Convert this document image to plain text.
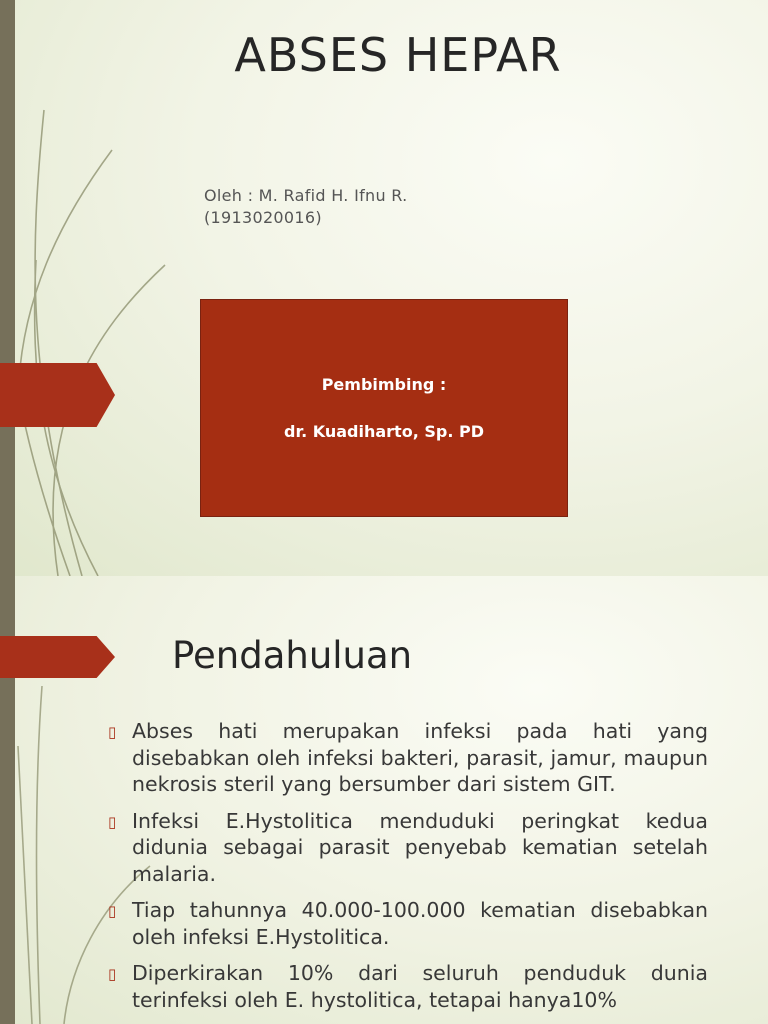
ABSES HEPAR
Oleh : M. Rafid H. Ifnu R.
(1913020016)
Pembimbing :
dr. Kuadiharto, Sp. PD
Pendahuluan
▯ Abses hati merupakan infeksi pada hati yang disebabkan oleh infeksi bakteri, parasit, jamur, maupun nekrosis steril yang bersumber dari sistem GIT.
▯ Infeksi E.Hystolitica menduduki peringkat kedua didunia sebagai parasit penyebab kematian setelah malaria.
▯ Tiap tahunnya 40.000-100.000 kematian disebabkan oleh infeksi E.Hystolitica.
▯ Diperkirakan 10% dari seluruh penduduk dunia terinfeksi oleh E. hystolitica, tetapai hanya10%
